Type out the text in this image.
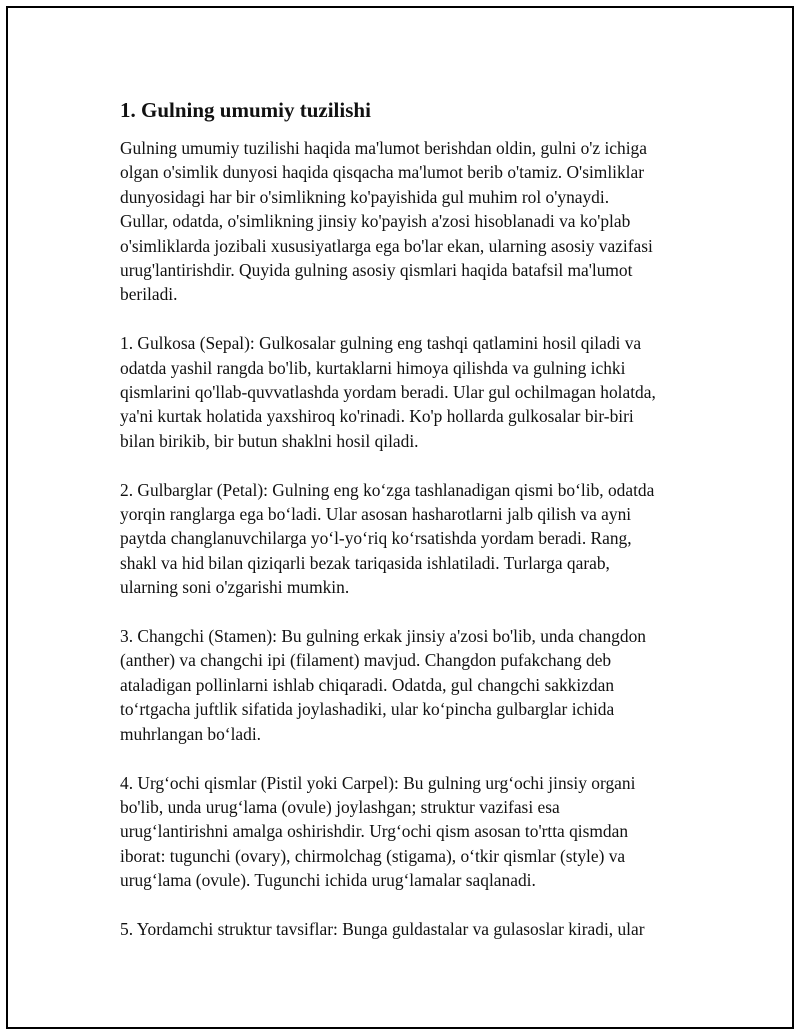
1. Gulning umumiy tuzilishi

Gulning umumiy tuzilishi haqida ma'lumot berishdan oldin, gulni o'z ichiga
olgan o'simlik dunyosi haqida qisqacha ma'lumot berib o'tamiz. O'simliklar
dunyosidagi har bir o'simlikning ko'payishida gul muhim rol o'ynaydi.
Gullar, odatda, o'simlikning jinsiy ko'payish a'zosi hisoblanadi va ko'plab
o'simliklarda jozibali xususiyatlarga ega bo'lar ekan, ularning asosiy vazifasi
urug'lantirishdir. Quyida gulning asosiy qismlari haqida batafsil ma'lumot
beriladi.

1. Gulkosa (Sepal): Gulkosalar gulning eng tashqi qatlamini hosil qiladi va
odatda yashil rangda bo'lib, kurtaklarni himoya qilishda va gulning ichki
qismlarini qo'llab-quvvatlashda yordam beradi. Ular gul ochilmagan holatda,
ya'ni kurtak holatida yaxshiroq ko'rinadi. Ko'p hollarda gulkosalar bir-biri
bilan birikib, bir butun shaklni hosil qiladi.

2. Gulbarglar (Petal): Gulning eng ko‘zga tashlanadigan qismi bo‘lib, odatda
yorqin ranglarga ega bo‘ladi. Ular asosan hasharotlarni jalb qilish va ayni
paytda changlanuvchilarga yo‘l-yo‘riq ko‘rsatishda yordam beradi. Rang,
shakl va hid bilan qiziqarli bezak tariqasida ishlatiladi. Turlarga qarab,
ularning soni o'zgarishi mumkin.

3. Changchi (Stamen): Bu gulning erkak jinsiy a'zosi bo'lib, unda changdon
(anther) va changchi ipi (filament) mavjud. Changdon pufakchang deb
ataladigan pollinlarni ishlab chiqaradi. Odatda, gul changchi sakkizdan
to‘rtgacha juftlik sifatida joylashadiki, ular ko‘pincha gulbarglar ichida
muhrlangan bo‘ladi.

4. Urg‘ochi qismlar (Pistil yoki Carpel): Bu gulning urg‘ochi jinsiy organi
bo'lib, unda urug‘lama (ovule) joylashgan; struktur vazifasi esa
urug‘lantirishni amalga oshirishdir. Urg‘ochi qism asosan to'rtta qismdan
iborat: tugunchi (ovary), chirmolchag (stigama), o‘tkir qismlar (style) va
urug‘lama (ovule). Tugunchi ichida urug‘lamalar saqlanadi.

5. Yordamchi struktur tavsiflar: Bunga guldastalar va gulasoslar kiradi, ular
